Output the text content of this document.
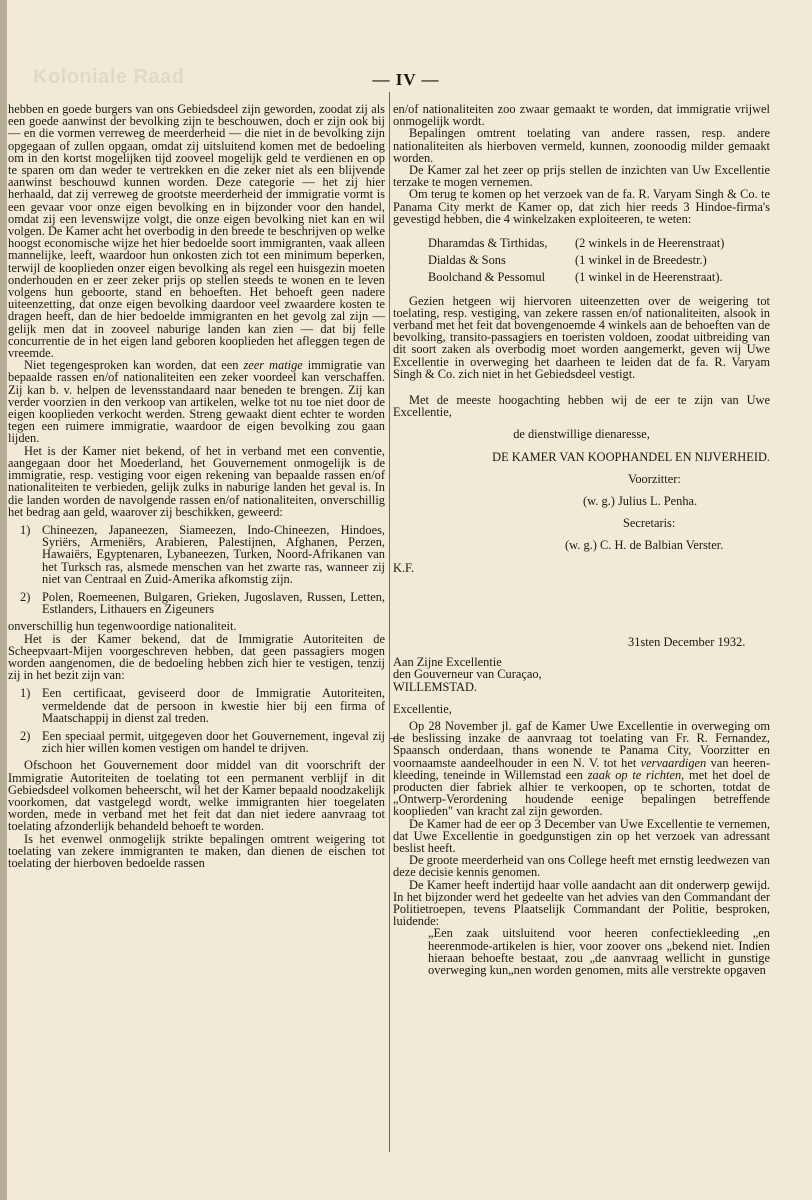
Koloniale Raad	— IV —

hebben en goede burgers van ons Gebiedsdeel zijn geworden, zoodat zij als een goede aanwinst der bevolking zijn te beschouwen, doch er zijn ook bij — en die vormen verreweg de meerderheid — die niet in de bevolking zijn opgegaan of zullen opgaan, omdat zij uitsluitend komen met de bedoeling om in den kortst mogelijken tijd zooveel mogelijk geld te verdienen en op te sparen om dan weder te vertrekken en die zeker niet als een blijvende aanwinst beschouwd kunnen worden. Deze categorie — het zij hier herhaald, dat zij verreweg de grootste meerderheid der immigratie vormt is een gevaar voor onze eigen bevolking en in bijzonder voor den handel, omdat zij een levenswijze volgt, die onze eigen bevolking niet kan en wil volgen. De Kamer acht het overbodig in den breede te beschrijven op welke hoogst economische wijze het hier bedoelde soort immigranten, vaak alleen mannelijke, leeft, waardoor hun onkosten zich tot een minimum beperken, terwijl de kooplieden onzer eigen bevolking als regel een huisgezin moeten onderhouden en er zeer zeker prijs op stellen steeds te wonen en te leven volgens hun geboorte, stand en behoeften. Het behoeft geen nadere uiteenzetting, dat onze eigen bevolking daardoor veel zwaardere kosten te dragen heeft, dan de hier bedoelde immigranten en het gevolg zal zijn — gelijk men dat in zooveel naburige landen kan zien — dat bij felle concurrentie de in het eigen land geboren kooplieden het afleggen tegen de vreemde.

Niet tegengesproken kan worden, dat een zeer matige immigratie van bepaalde rassen en/of nationaliteiten een zeker voordeel kan verschaffen. Zij kan b. v. helpen de levensstandaard naar beneden te brengen. Zij kan verder voorzien in den verkoop van artikelen, welke tot nu toe niet door de eigen kooplieden verkocht werden. Streng gewaakt dient echter te worden tegen een ruimere immigratie, waardoor de eigen bevolking zou gaan lijden.

Het is der Kamer niet bekend, of het in verband met een conventie, aangegaan door het Moederland, het Gouvernement onmogelijk is de immigratie, resp. vestiging voor eigen rekening van bepaalde rassen en/of nationaliteiten te verbieden, gelijk zulks in naburige landen het geval is. In die landen worden de navolgende rassen en/of nationaliteiten, onverschillig het bedrag aan geld, waarover zij beschikken, geweerd:

1) Chineezen, Japaneezen, Siameezen, Indo-Chineezen, Hindoes, Syriërs, Armeniërs, Arabieren, Palestijnen, Afghanen, Perzen, Hawaiërs, Egyptenaren, Lybaneezen, Turken, Noord-Afrikanen van het Turksch ras, alsmede menschen van het zwarte ras, wanneer zij niet van Centraal en Zuid-Amerika afkomstig zijn.
2) Polen, Roemeenen, Bulgaren, Grieken, Jugoslaven, Russen, Letten, Estlanders, Lithauers en Zigeuners

onverschillig hun tegenwoordige nationaliteit.

Het is der Kamer bekend, dat de Immigratie Autoriteiten de Scheepvaart-Mijen voorgeschreven hebben, dat geen passagiers mogen worden aangenomen, die de bedoeling hebben zich hier te vestigen, tenzij zij in het bezit zijn van:

1) Een certificaat, geviseerd door de Immigratie Autoriteiten, vermeldende dat de persoon in kwestie hier bij een firma of Maatschappij in dienst zal treden.
2) Een speciaal permit, uitgegeven door het Gouvernement, ingeval zij zich hier willen komen vestigen om handel te drijven.

Ofschoon het Gouvernement door middel van dit voorschrift der Immigratie Autoriteiten de toelating tot een permanent verblijf in dit Gebiedsdeel volkomen beheerscht, wil het der Kamer bepaald noodzakelijk voorkomen, dat vastgelegd wordt, welke immigranten hier toegelaten worden, mede in verband met het feit dat dan niet iedere aanvraag tot toelating afzonderlijk behandeld behoeft te worden.

Is het evenwel onmogelijk strikte bepalingen omtrent weigering tot toelating van zekere immigranten te maken, dan dienen de eischen tot toelating der hierboven bedoelde rassen

en/of nationaliteiten zoo zwaar gemaakt te worden, dat immigratie vrijwel onmogelijk wordt.

Bepalingen omtrent toelating van andere rassen, resp. andere nationaliteiten als hierboven vermeld, kunnen, zoonoodig milder gemaakt worden.

De Kamer zal het zeer op prijs stellen de inzichten van Uw Excellentie terzake te mogen vernemen.

Om terug te komen op het verzoek van de fa. R. Varyam Singh & Co. te Panama City merkt de Kamer op, dat zich hier reeds 3 Hindoe-firma's gevestigd hebben, die 4 winkelzaken exploiteeren, te weten:

Dharamdas & Tirthidas,	(2 winkels in de Heerenstraat)
Dialdas & Sons	(1 winkel in de Breedestr.)
Boolchand & Pessomul	(1 winkel in de Heerenstraat).

Gezien hetgeen wij hiervoren uiteenzetten over de weigering tot toelating, resp. vestiging, van zekere rassen en/of nationaliteiten, alsook in verband met het feit dat bovengenoemde 4 winkels aan de behoeften van de bevolking, transito-passagiers en toeristen voldoen, zoodat uitbreiding van dit soort zaken als overbodig moet worden aangemerkt, geven wij Uwe Excellentie in overweging het daarheen te leiden dat de fa. R. Varyam Singh & Co. zich niet in het Gebiedsdeel vestigt.

Met de meeste hoogachting hebben wij de eer te zijn van Uwe Excellentie,

de dienstwillige dienaresse,

DE KAMER VAN KOOPHANDEL EN NIJVERHEID.

Voorzitter:

(w. g.) Julius L. Penha.

Secretaris:

(w. g.) C. H. de Balbian Verster.

K.F.

31sten December 1932.

Aan Zijne Excellentie

den Gouverneur van Curaçao,

WILLEMSTAD.

Excellentie,

Op 28 November jl. gaf de Kamer Uwe Excellentie in overweging om de beslissing inzake de aanvraag tot toelating van Fr. R. Fernandez, Spaansch onderdaan, thans wonende te Panama City, Voorzitter en voornaamste aandeelhouder in een N. V. tot het vervaardigen van heeren-kleeding, teneinde in Willemstad een zaak op te richten, met het doel de producten dier fabriek alhier te verkoopen, op te schorten, totdat de „Ontwerp-Verordening houdende eenige bepalingen betreffende kooplieden" van kracht zal zijn geworden.

De Kamer had de eer op 3 December van Uwe Excellentie te vernemen, dat Uwe Excellentie in goedgunstigen zin op het verzoek van adressant beslist heeft.

De groote meerderheid van ons College heeft met ernstig leedwezen van deze decisie kennis genomen.

De Kamer heeft indertijd haar volle aandacht aan dit onderwerp gewijd. In het bijzonder werd het gedeelte van het advies van den Commandant der Politietroepen, tevens Plaatselijk Commandant der Politie, besproken, luidende:

„Een zaak uitsluitend voor heeren confectiekleeding „en heerenmode-artikelen is hier, voor zoover ons „bekend niet. Indien hieraan behoefte bestaat, zou „de aanvraag wellicht in gunstige overweging kun„nen worden genomen, mits alle verstrekte opgaven
